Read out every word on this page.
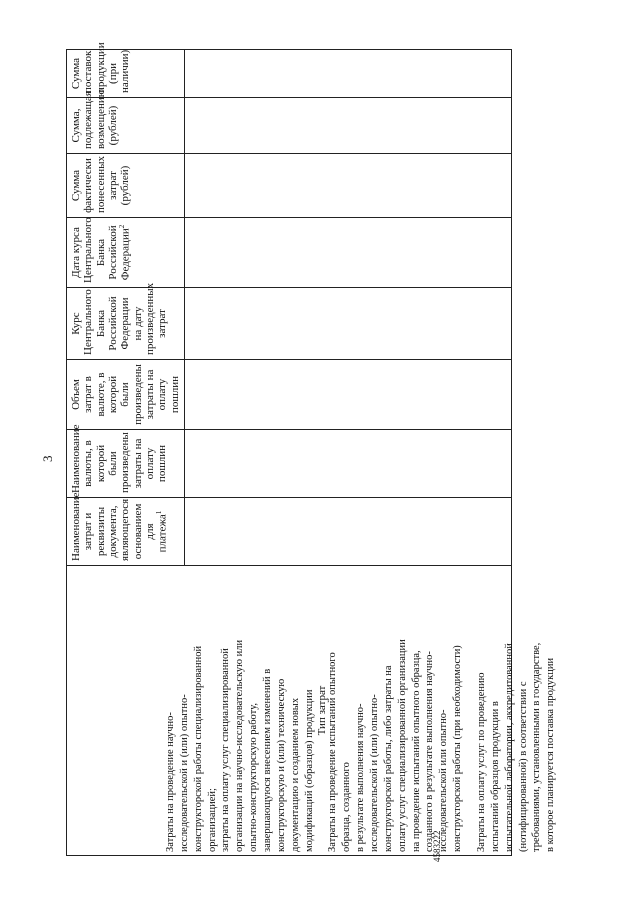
3
4583222
Тип затрат	Наименование затрат и реквизиты документа, являющегося основанием для платежа$^1$	Наименование валюты, в которой были произведены затраты на оплату пошлин	Объем затрат в валюте, в которой были произведены затраты на оплату пошлин	Курс Центрального Банка Российской Федерации на дату произведенных затрат	Дата курса Центрального Банка Российской Федерации$^2$	Сумма фактически понесенных затрат (рублей)	Сумма, подлежащая возмещению (рублей)	Сумма поставок продукции (при наличии)

Затраты на проведение научно- исследовательской и (или) опытно- конструкторской работы специализированной организацией; затраты на оплату услуг специализированной организации на научно-исследовательскую или опытно-конструкторскую работу, завершающуюся внесением изменений в конструкторскую и (или) техническую документацию и созданием новых модификаций (образцов) продукции Затраты на проведение испытаний опытного образца, созданного в результате выполнения научно- исследовательской и (или) опытно- конструкторской работы, либо затраты на оплату услуг специализированной организации на проведение испытаний опытного образца, созданного в результате выполнения научно- исследовательской или опытно- конструкторской работы (при необходимости) Затраты на оплату услуг по проведению испытаний образцов продукции в испытательной лаборатории, аккредитованной (нотифицированной) в соответствии с требованиями, установленными в государстве, в которое планируется поставка продукции
